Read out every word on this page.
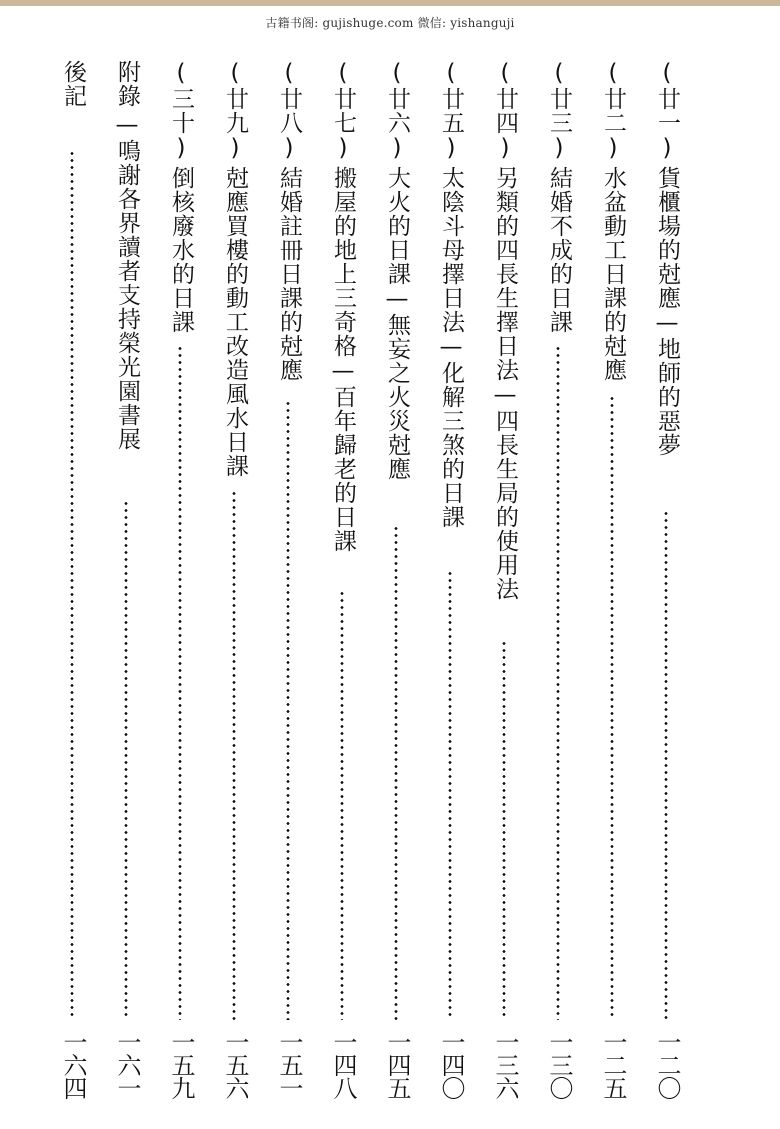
古籍书阁: gujishuge.com 微信: yishanguji
(廿一)貨櫃場的尅應—地師的惡夢
一二〇
(廿二)水盆動工日課的尅應
一二五
(廿三)結婚不成的日課
一三〇
(廿四)另類的四長生擇日法—四長生局的使用法
一三六
(廿五)太陰斗母擇日法—化解三煞的日課
一四〇
(廿六)大火的日課—無妄之火災尅應
一四五
(廿七)搬屋的地上三奇格—百年歸老的日課
一四八
(廿八)結婚註冊日課的尅應
一五一
(廿九)尅應買樓的動工改造風水日課
一五六
(三十)倒核廢水的日課
一五九
附錄—鳴謝各界讀者支持榮光園書展
一六一
後記
一六四
